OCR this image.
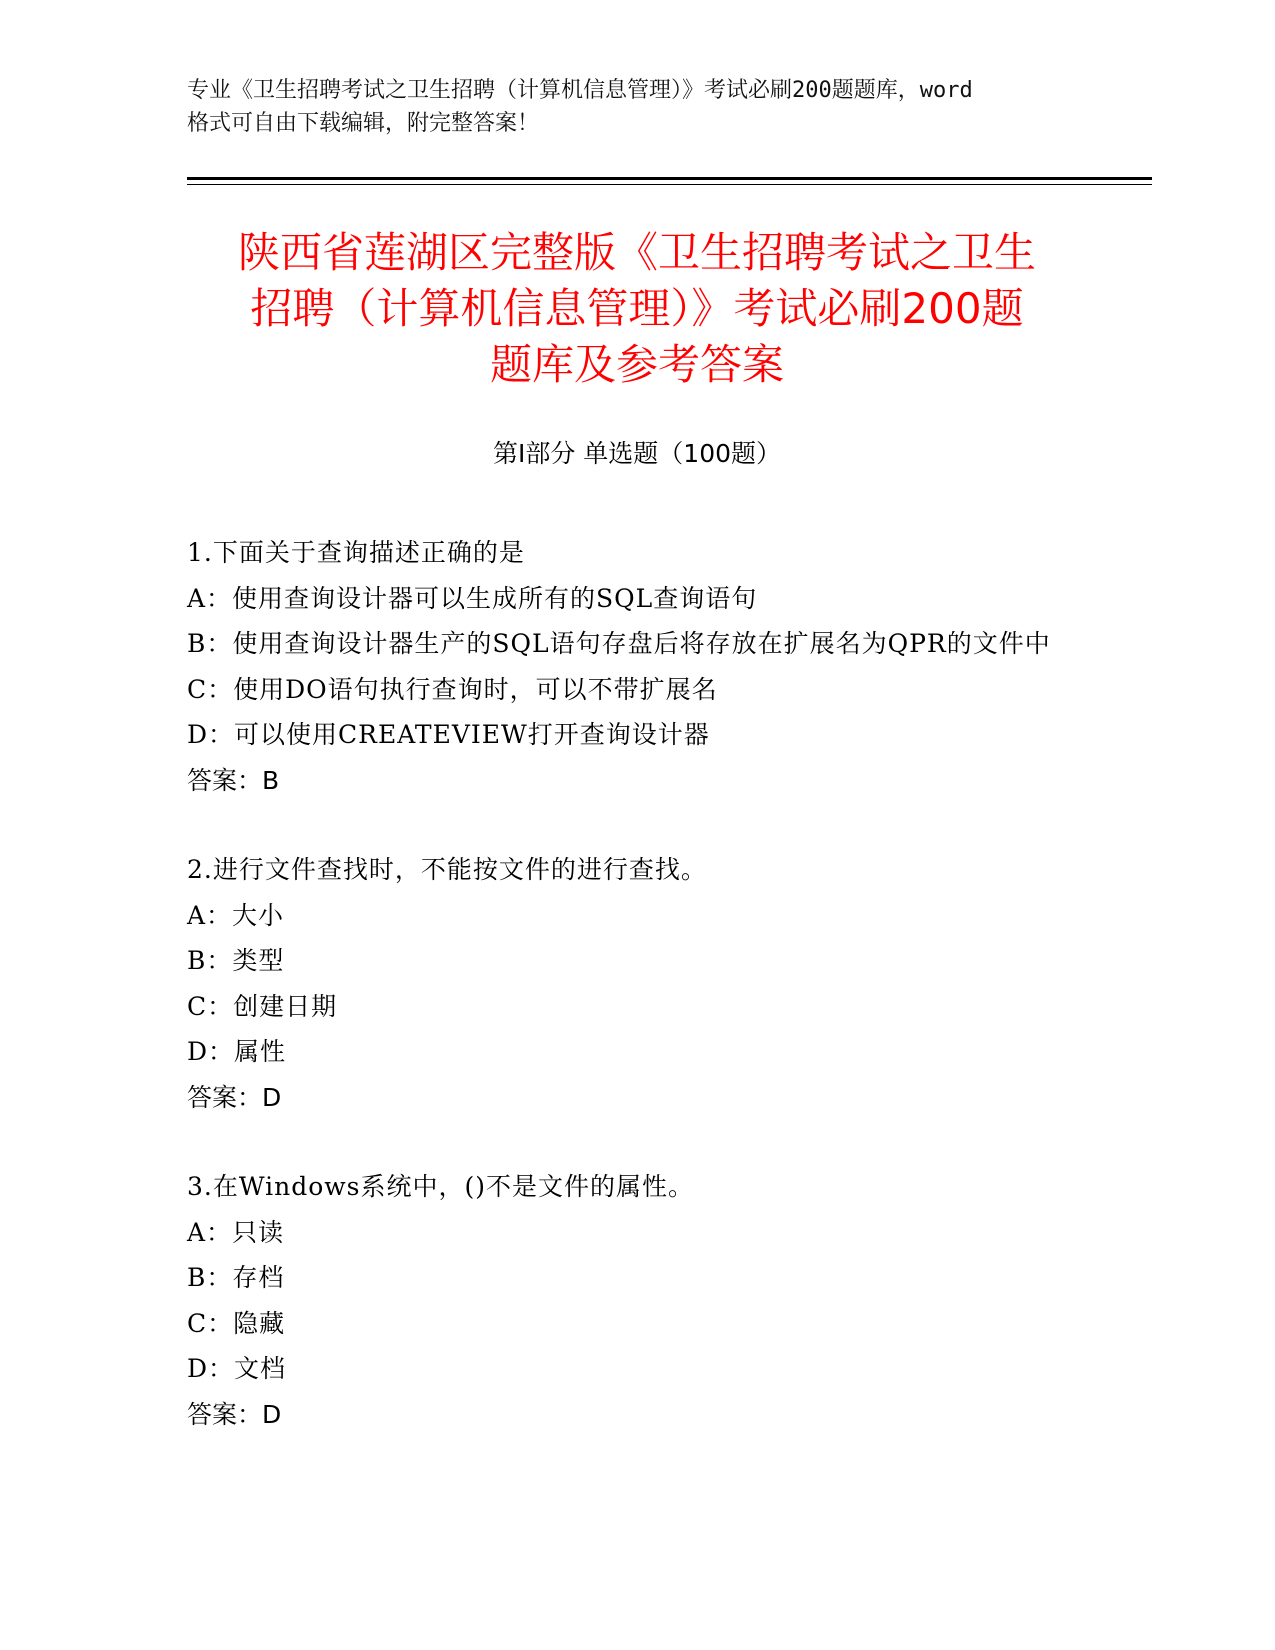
专业《卫生招聘考试之卫生招聘（计算机信息管理）》考试必刷200题题库，word
格式可自由下载编辑，附完整答案！
陕西省莲湖区完整版《卫生招聘考试之卫生
招聘（计算机信息管理）》考试必刷200题
题库及参考答案
第Ⅰ部分 单选题（100题）

1.下面关于查询描述正确的是

A：使用查询设计器可以生成所有的SQL查询语句

B：使用查询设计器生产的SQL语句存盘后将存放在扩展名为QPR的文件中

C：使用DO语句执行查询时，可以不带扩展名

D：可以使用CREATEVIEW打开查询设计器

答案：B

2.进行文件查找时，不能按文件的进行查找。

A：大小

B：类型

C：创建日期

D：属性

答案：D

3.在Windows系统中，()不是文件的属性。

A：只读

B：存档

C：隐藏

D：文档

答案：D
